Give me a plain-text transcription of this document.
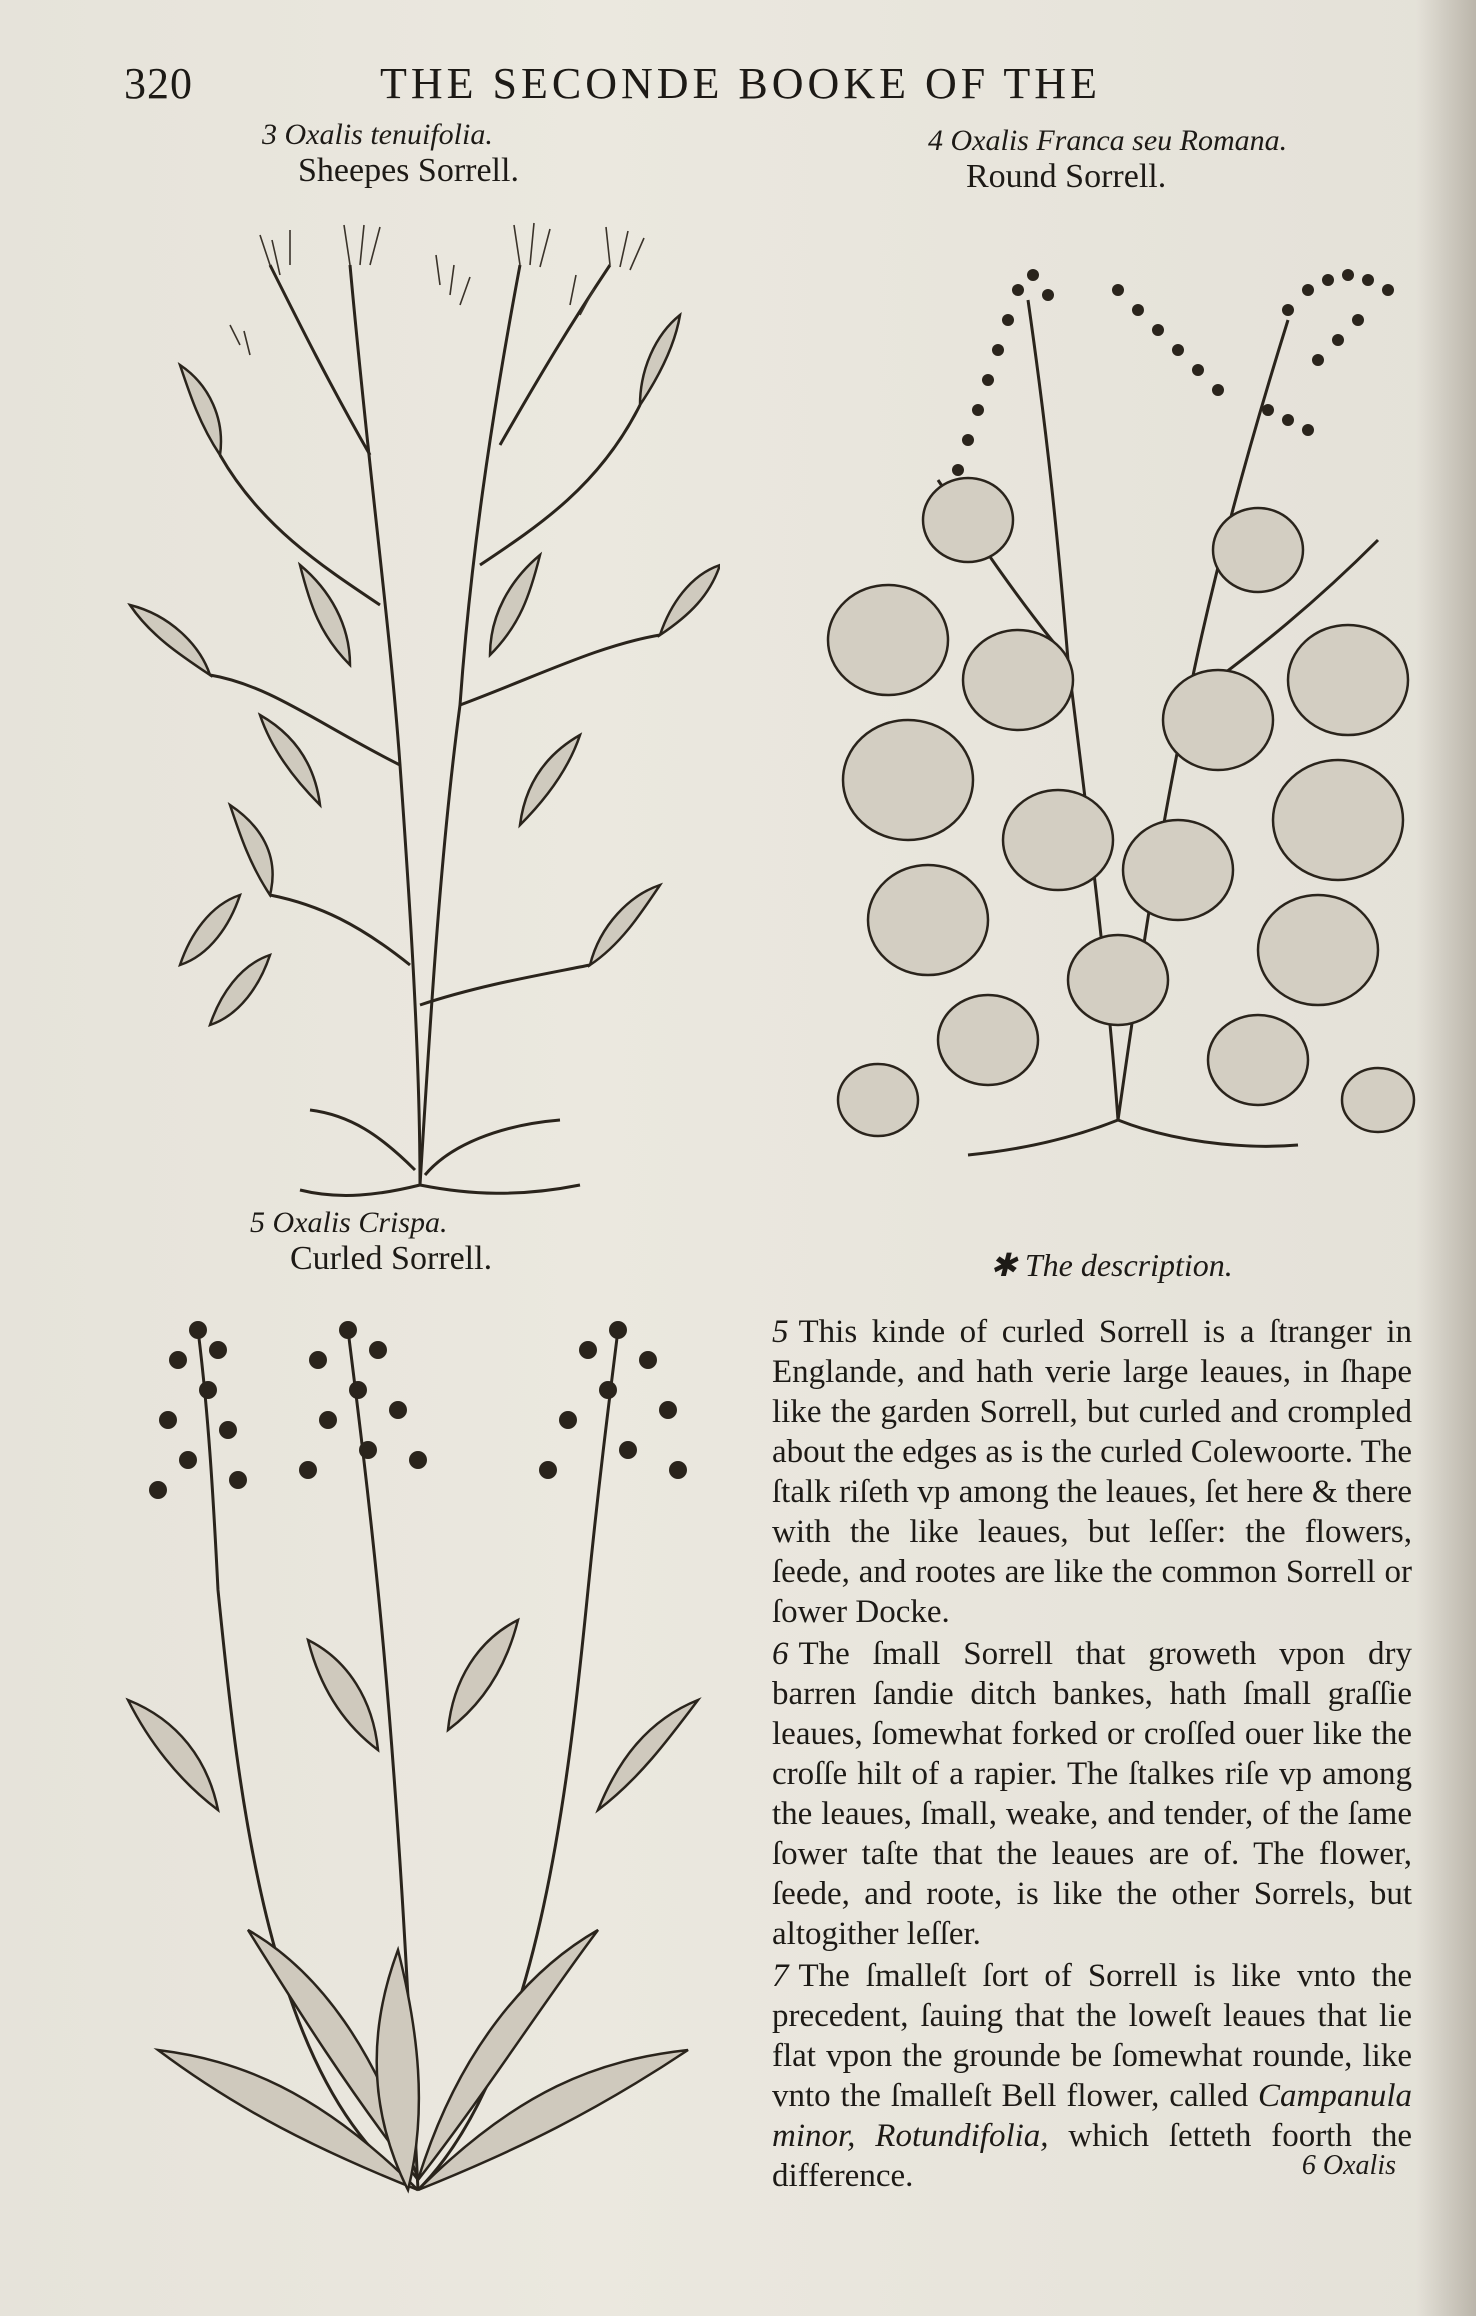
320	THE SECONDE BOOKE OF THE
3 Oxalis tenuifolia.
Sheepes Sorrell.
4 Oxalis Franca seu Romana.
Round Sorrell.
5 Oxalis Crispa.
Curled Sorrell.	✱ The description.

5 This kinde of curled Sorrell is a ſtranger in Englande, and hath verie large leaues, in ſhape like the garden Sorrell, but curled and crompled about the edges as is the curled Colewoorte. The ſtalk riſeth vp among the leaues, ſet here & there with the like leaues, but leſſer: the flowers, ſeede, and rootes are like the common Sorrell or ſower Docke.

6 The ſmall Sorrell that groweth vpon dry barren ſandie ditch bankes, hath ſmall graſſie leaues, ſomewhat forked or croſſed ouer like the croſſe hilt of a rapier. The ſtalkes riſe vp among the leaues, ſmall, weake, and tender, of the ſame ſower taſte that the leaues are of. The flower, ſeede, and roote, is like the other Sorrels, but altogither leſſer.

7 The ſmalleſt ſort of Sorrell is like vnto the precedent, ſauing that the loweſt leaues that lie flat vpon the grounde be ſomewhat rounde, like vnto the ſmalleſt Bell flower, called Campanula minor, Rotundifolia, which ſetteth foorth the difference.	6 Oxalis
